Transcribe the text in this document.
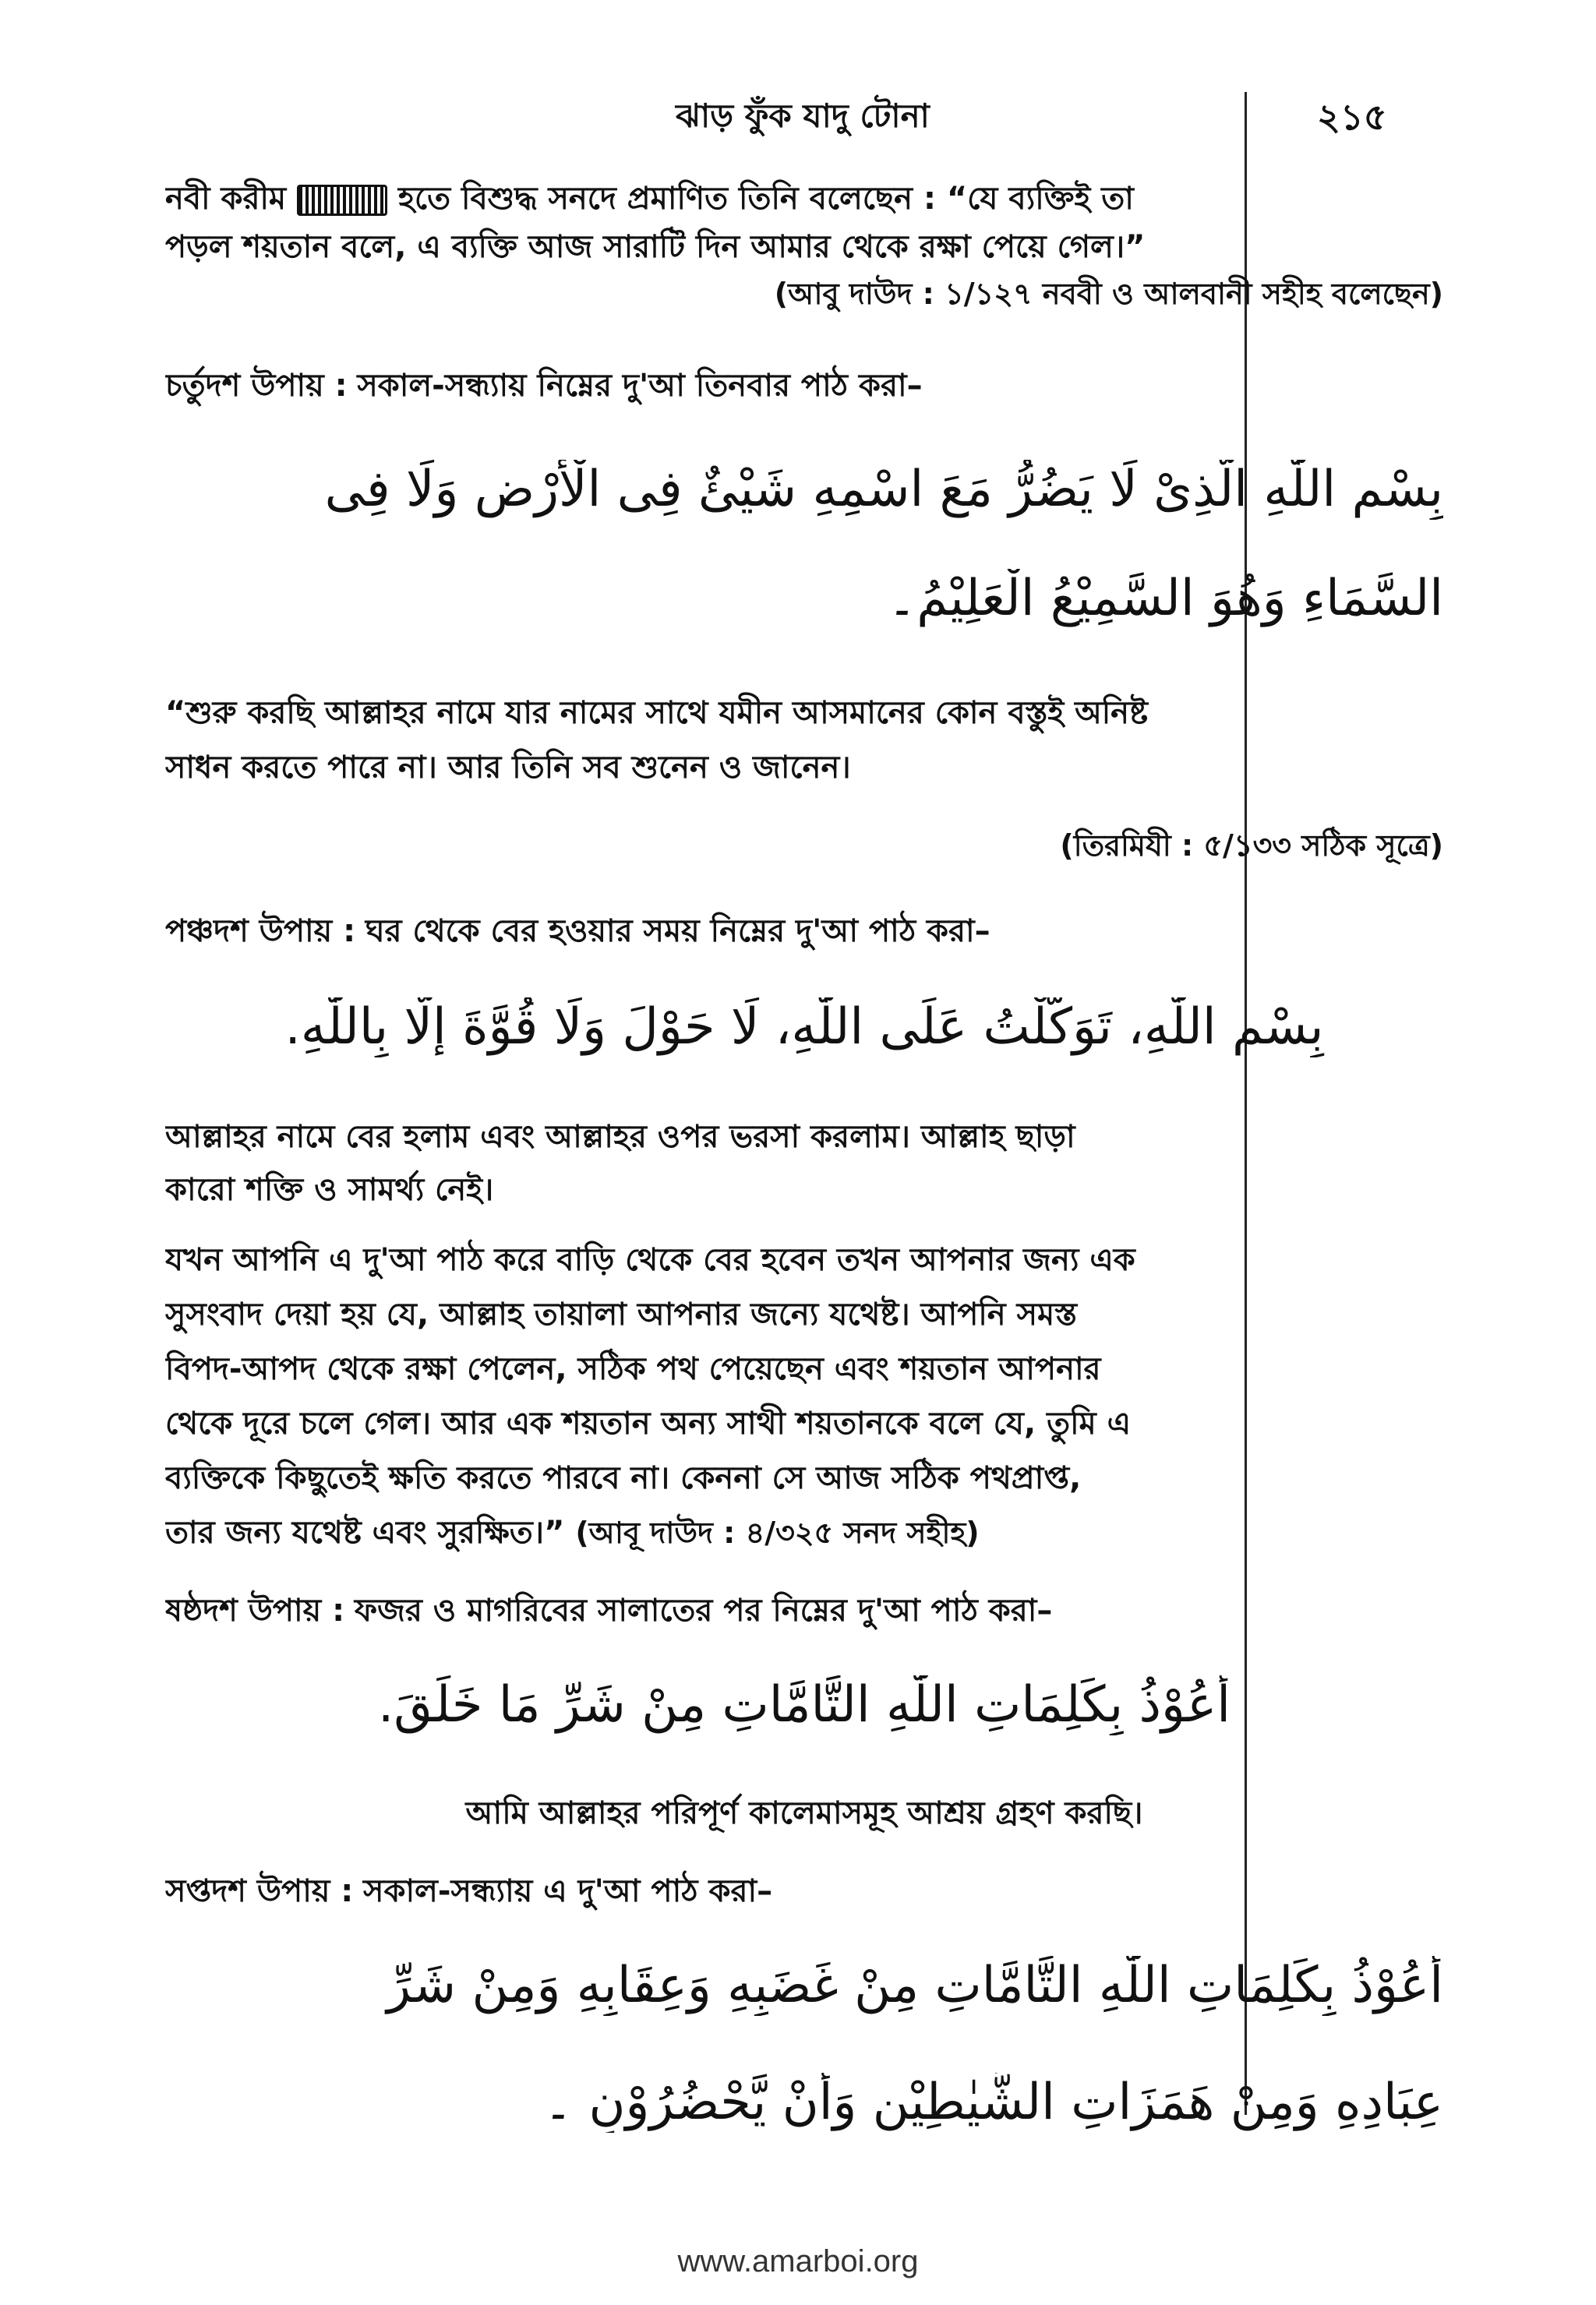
ঝাড় ফুঁক যাদু টোনা	২১৫
নবী করীম	হতে বিশুদ্ধ সনদে প্রমাণিত তিনি বলেছেন : “যে ব্যক্তিই তা
পড়ল শয়তান বলে, এ ব্যক্তি আজ সারাটি দিন আমার থেকে রক্ষা পেয়ে গেল।”
(আবু দাউদ : ১/১২৭ নববী ও আলবানী সহীহ বলেছেন)
চর্তুদশ উপায় : সকাল-সন্ধ্যায় নিম্নের দু'আ তিনবার পাঠ করা–
بِسْمِ اللّٰهِ الَّذِىْ لَا يَضُرُّ مَعَ اسْمِهِ شَيْئٌ فِى الْأَرْضِ وَلَا فِى
السَّمَاءِ وَهُوَ السَّمِيْعُ الْعَلِيْمُ۔
“শুরু করছি আল্লাহর নামে যার নামের সাথে যমীন আসমানের কোন বস্তুই অনিষ্ট
সাধন করতে পারে না। আর তিনি সব শুনেন ও জানেন।
(তিরমিযী : ৫/১৩৩ সঠিক সূত্রে)
পঞ্চদশ উপায় : ঘর থেকে বের হওয়ার সময় নিম্নের দু'আ পাঠ করা–
بِسْمِ اللّٰهِ، تَوَكَّلْتُ عَلَى اللّٰهِ، لَا حَوْلَ وَلَا قُوَّةَ إِلَّا بِاللّٰهِ.
আল্লাহর নামে বের হলাম এবং আল্লাহর ওপর ভরসা করলাম। আল্লাহ ছাড়া
কারো শক্তি ও সামর্থ্য নেই।
যখন আপনি এ দু'আ পাঠ করে বাড়ি থেকে বের হবেন তখন আপনার জন্য এক
সুসংবাদ দেয়া হয় যে, আল্লাহ তায়ালা আপনার জন্যে যথেষ্ট। আপনি সমস্ত
বিপদ-আপদ থেকে রক্ষা পেলেন, সঠিক পথ পেয়েছেন এবং শয়তান আপনার
থেকে দূরে চলে গেল। আর এক শয়তান অন্য সাথী শয়তানকে বলে যে, তুমি এ
ব্যক্তিকে কিছুতেই ক্ষতি করতে পারবে না। কেননা সে আজ সঠিক পথপ্রাপ্ত,
তার জন্য যথেষ্ট এবং সুরক্ষিত।” (আবূ দাউদ : ৪/৩২৫ সনদ সহীহ)
ষষ্ঠদশ উপায় : ফজর ও মাগরিবের সালাতের পর নিম্নের দু'আ পাঠ করা–
أَعُوْذُ بِكَلِمَاتِ اللّٰهِ التَّامَّاتِ مِنْ شَرِّ مَا خَلَقَ.
আমি আল্লাহর পরিপূর্ণ কালেমাসমূহ আশ্রয় গ্রহণ করছি।
সপ্তদশ উপায় : সকাল-সন্ধ্যায় এ দু'আ পাঠ করা–
أَعُوْذُ بِكَلِمَاتِ اللّٰهِ التَّامَّاتِ مِنْ غَضَبِهِ وَعِقَابِهِ وَمِنْ شَرِّ
عِبَادِهِ وَمِنْ هَمَزَاتِ الشَّيٰطِيْنِ وَأَنْ يَّحْضُرُوْنِ ۔
www.amarboi.org
